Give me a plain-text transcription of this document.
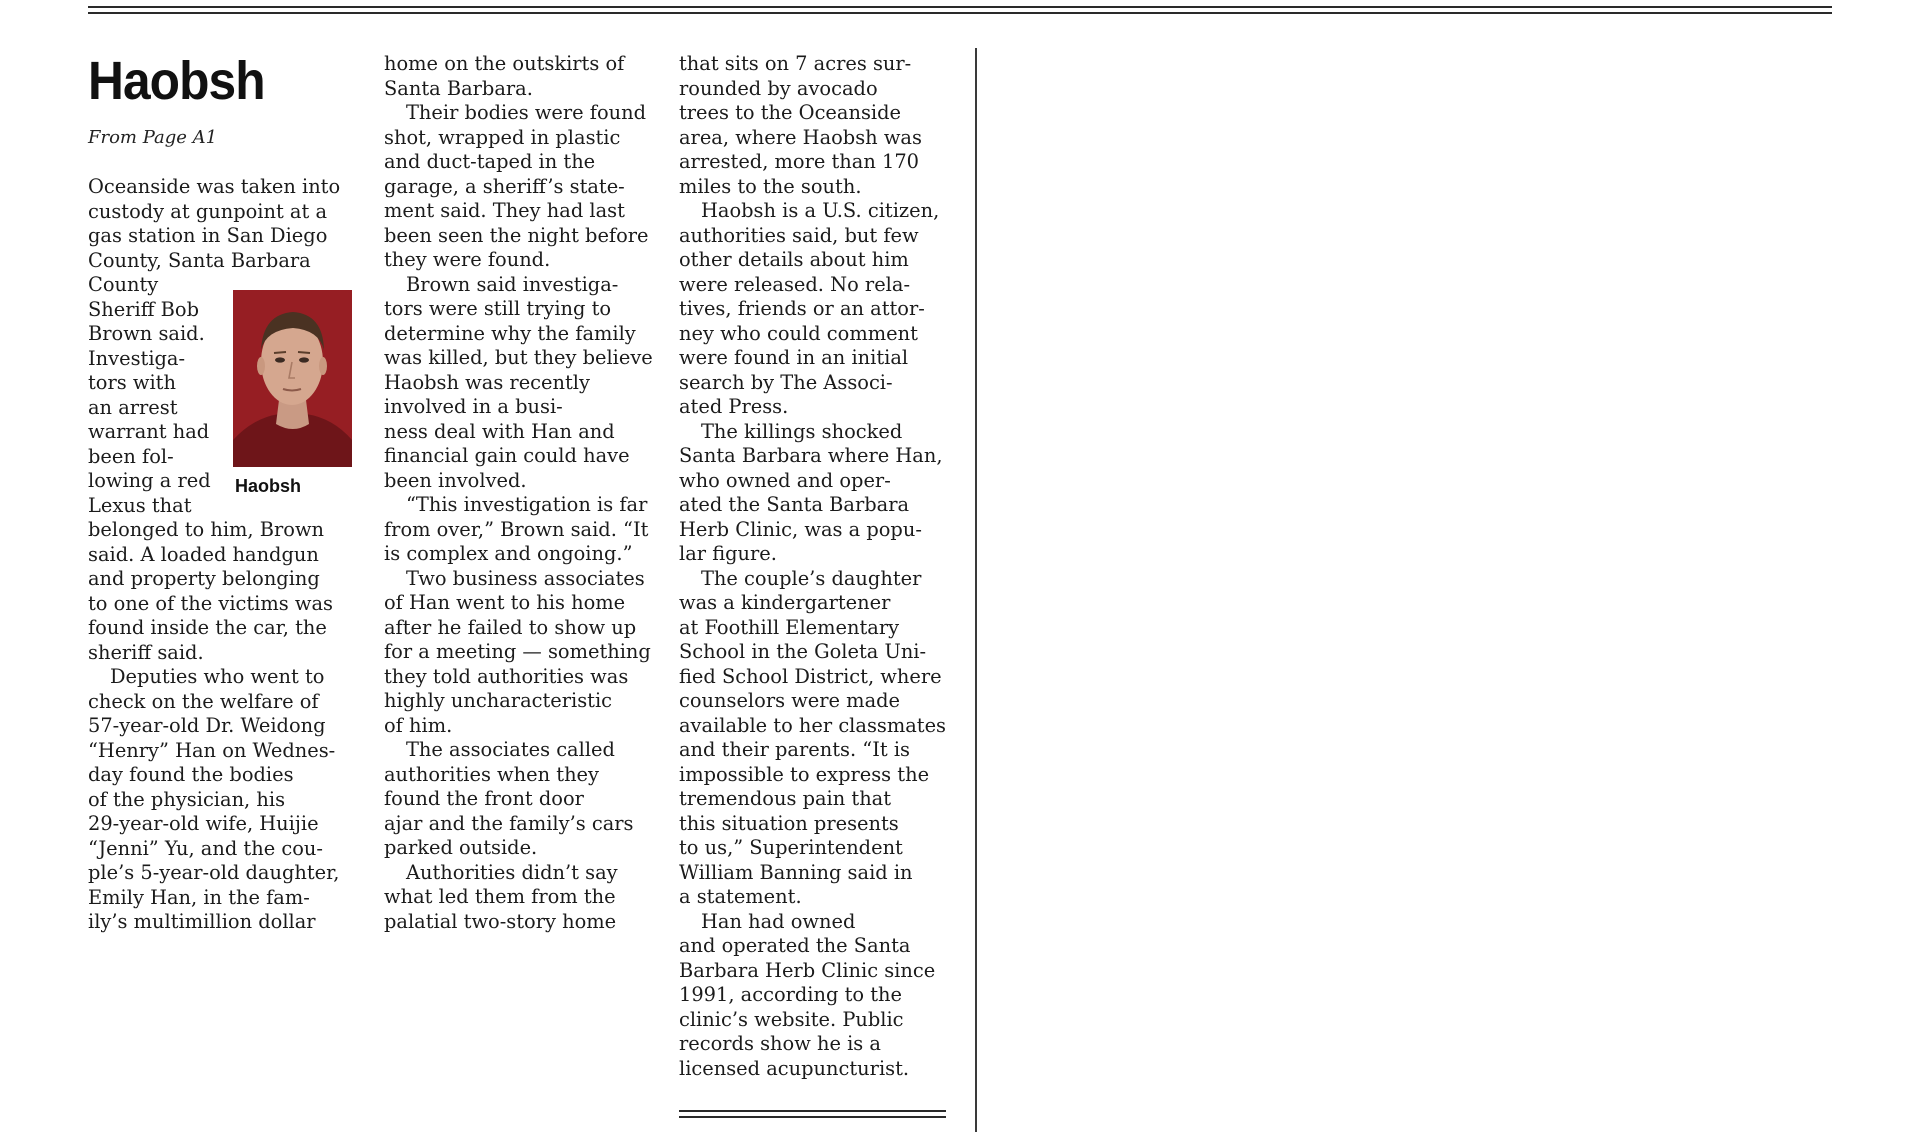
Haobsh
From Page A1
Oceanside was taken into
custody at gunpoint at a
gas station in San Diego
County, Santa Barbara
County
Sheriff Bob
Brown said.
Investiga-
tors with
an arrest
warrant had
been fol-
lowing a red
Lexus that
belonged to him, Brown
said. A loaded handgun
and property belonging
to one of the victims was
found inside the car, the
sheriff said.
Deputies who went to
check on the welfare of
57-year-old Dr. Weidong
“Henry” Han on Wednes-
day found the bodies
of the physician, his
29-year-old wife, Huijie
“Jenni” Yu, and the cou-
ple’s 5-year-old daughter,
Emily Han, in the fam-
ily’s multimillion dollar
home on the outskirts of
Santa Barbara.
Their bodies were found
shot, wrapped in plastic
and duct-taped in the
garage, a sheriff’s state-
ment said. They had last
been seen the night before
they were found.
Brown said investiga-
tors were still trying to
determine why the family
was killed, but they believe
Haobsh was recently
involved in a busi-
ness deal with Han and
financial gain could have
been involved.
“This investigation is far
from over,” Brown said. “It
is complex and ongoing.”
Two business associates
of Han went to his home
after he failed to show up
for a meeting — something
they told authorities was
highly uncharacteristic
of him.
The associates called
authorities when they
found the front door
ajar and the family’s cars
parked outside.
Authorities didn’t say
what led them from the
palatial two-story home
that sits on 7 acres sur-
rounded by avocado
trees to the Oceanside
area, where Haobsh was
arrested, more than 170
miles to the south.
Haobsh is a U.S. citizen,
authorities said, but few
other details about him
were released. No rela-
tives, friends or an attor-
ney who could comment
were found in an initial
search by The Associ-
ated Press.
The killings shocked
Santa Barbara where Han,
who owned and oper-
ated the Santa Barbara
Herb Clinic, was a popu-
lar figure.
The couple’s daughter
was a kindergartener
at Foothill Elementary
School in the Goleta Uni-
fied School District, where
counselors were made
available to her classmates
and their parents. “It is
impossible to express the
tremendous pain that
this situation presents
to us,” Superintendent
William Banning said in
a statement.
Han had owned
and operated the Santa
Barbara Herb Clinic since
1991, according to the
clinic’s website. Public
records show he is a
licensed acupuncturist.
Haobsh
